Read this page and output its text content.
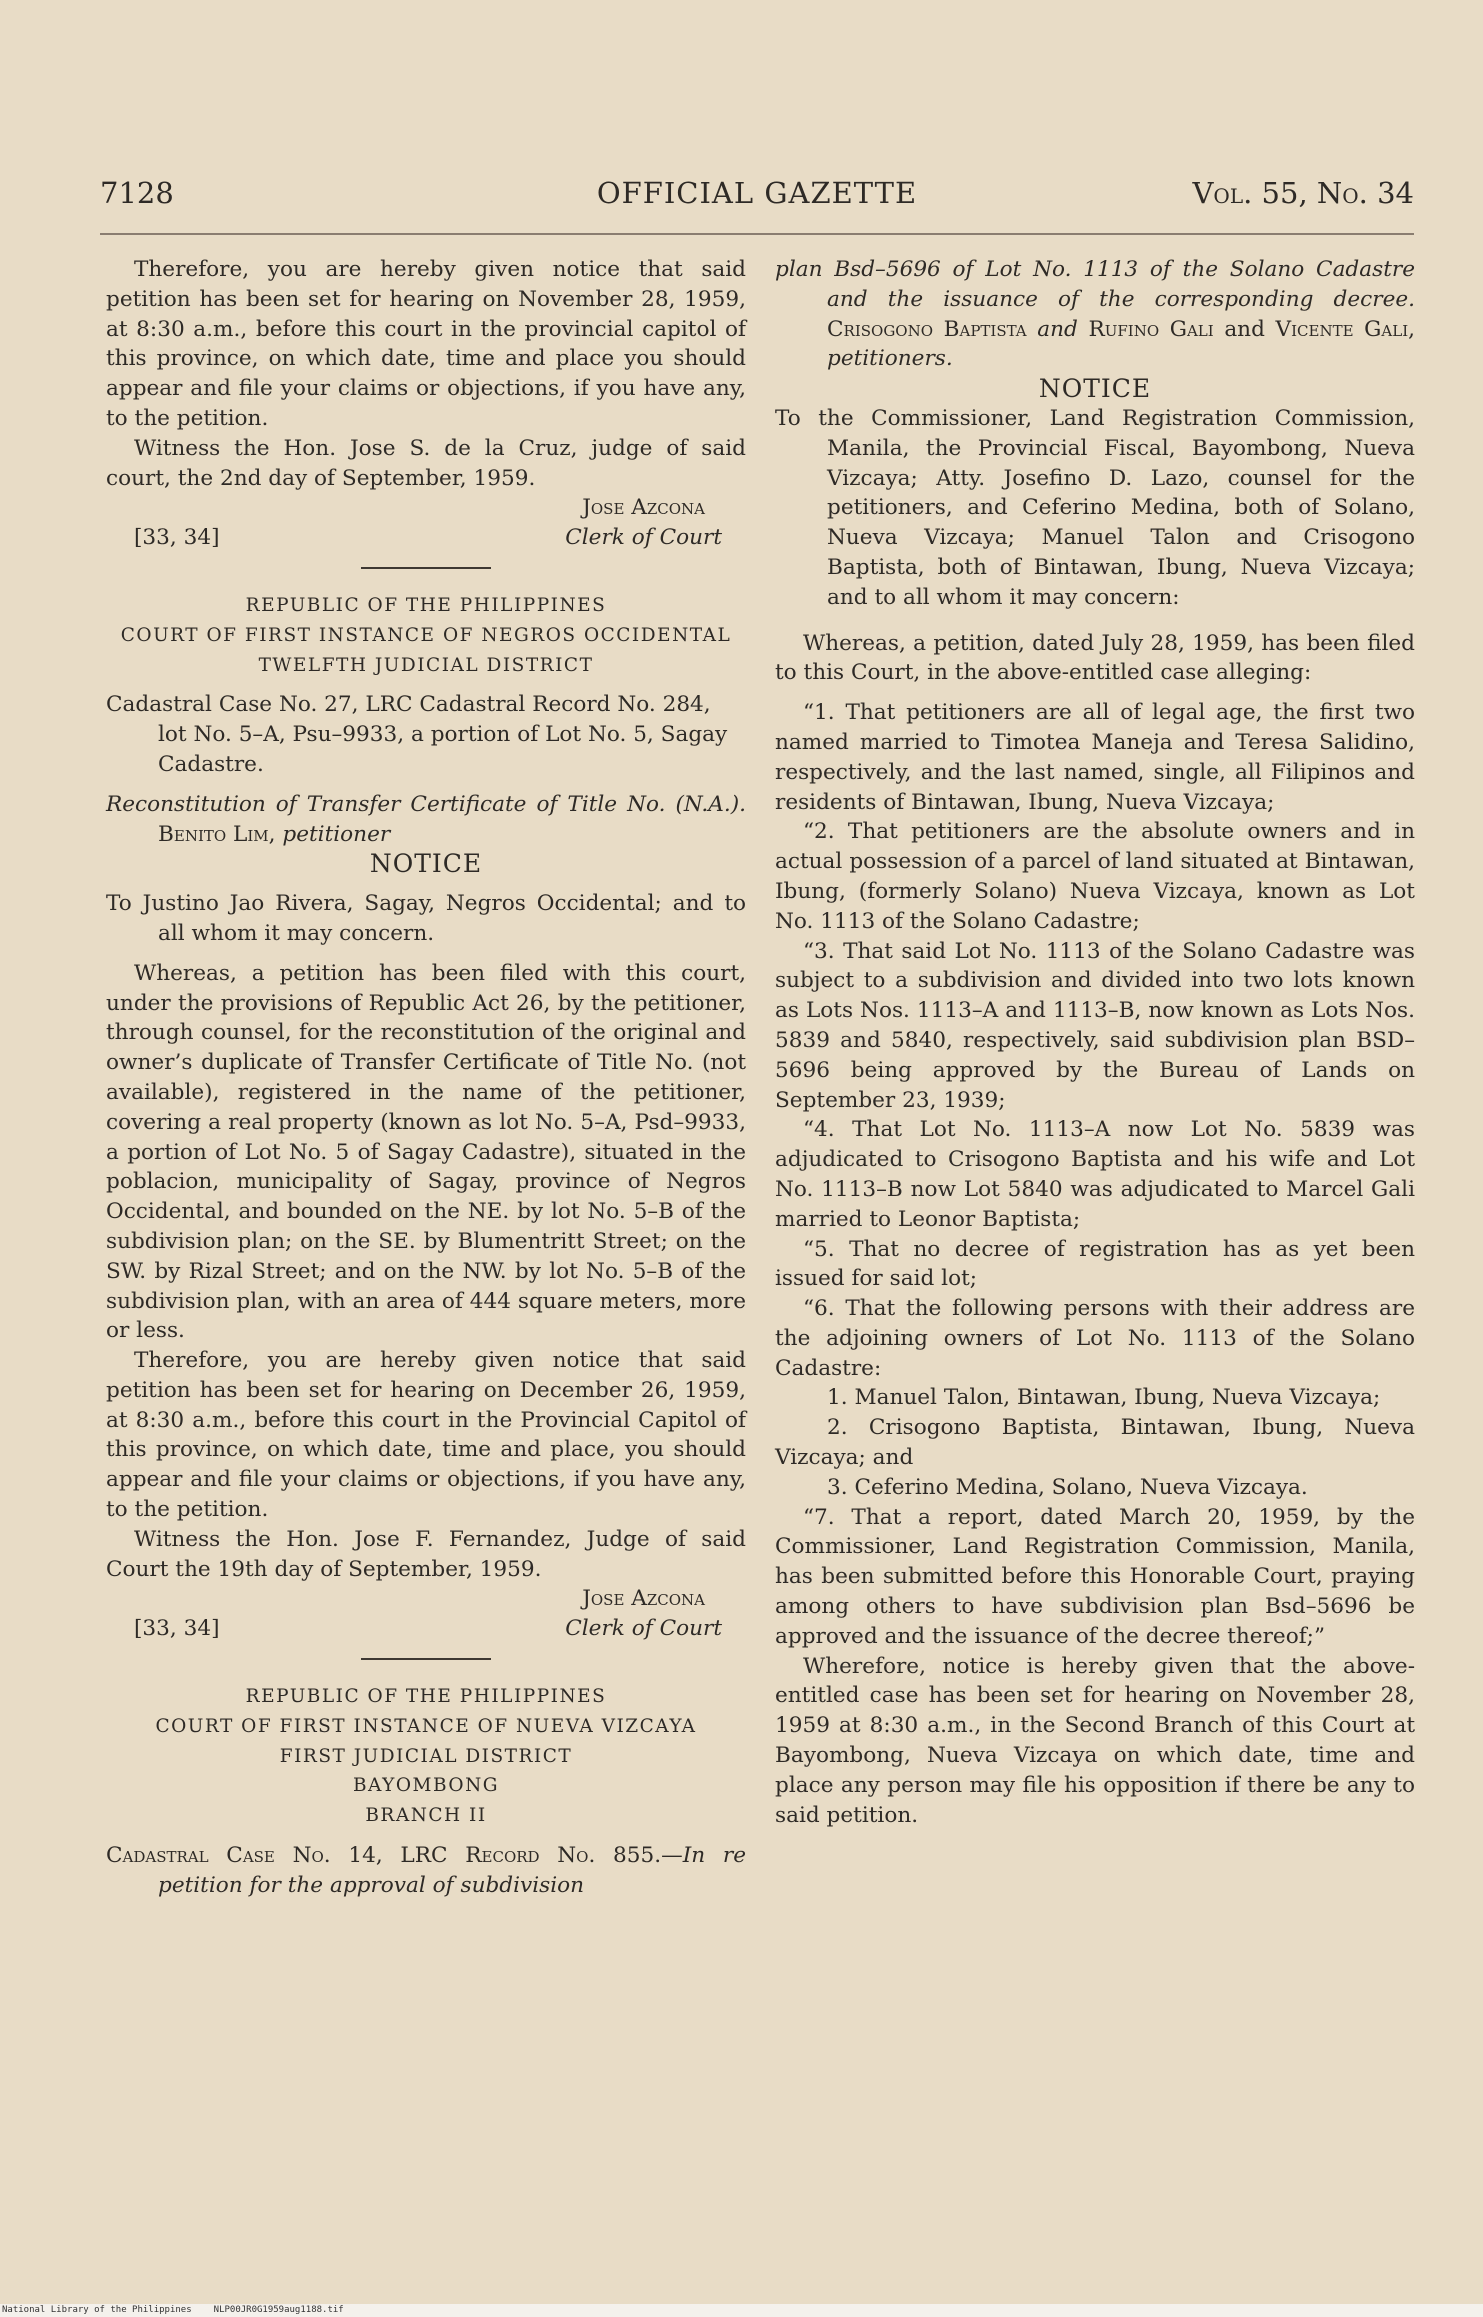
7128	OFFICIAL GAZETTE	Vol. 55, No. 34

Therefore, you are hereby given notice that said petition has been set for hearing on November 28, 1959, at 8:30 a.m., before this court in the provincial capitol of this province, on which date, time and place you should appear and file your claims or objections, if you have any, to the petition.

Witness the Hon. Jose S. de la Cruz, judge of said court, the 2nd day of September, 1959.

[33, 34]
Jose Azcona
Clerk of Court

REPUBLIC OF THE PHILIPPINES

COURT OF FIRST INSTANCE OF NEGROS OCCIDENTAL

TWELFTH JUDICIAL DISTRICT

Cadastral Case No. 27, LRC Cadastral Record No. 284, lot No. 5–A, Psu–9933, a portion of Lot No. 5, Sagay Cadastre.

Reconstitution of Transfer Certificate of Title No. (N.A.). Benito Lim, petitioner

NOTICE

To Justino Jao Rivera, Sagay, Negros Occidental; and to all whom it may concern.

Whereas, a petition has been filed with this court, under the provisions of Republic Act 26, by the petitioner, through counsel, for the reconstitution of the original and owner’s duplicate of Transfer Certificate of Title No. (not available), registered in the name of the petitioner, covering a real property (known as lot No. 5–A, Psd–9933, a portion of Lot No. 5 of Sagay Cadastre), situated in the poblacion, municipality of Sagay, province of Negros Occidental, and bounded on the NE. by lot No. 5–B of the subdivision plan; on the SE. by Blumentritt Street; on the SW. by Rizal Street; and on the NW. by lot No. 5–B of the subdivision plan, with an area of 444 square meters, more or less.

Therefore, you are hereby given notice that said petition has been set for hearing on December 26, 1959, at 8:30 a.m., before this court in the Provincial Capitol of this province, on which date, time and place, you should appear and file your claims or objections, if you have any, to the petition.

Witness the Hon. Jose F. Fernandez, Judge of said Court the 19th day of September, 1959.

[33, 34]
Jose Azcona
Clerk of Court

REPUBLIC OF THE PHILIPPINES

COURT OF FIRST INSTANCE OF NUEVA VIZCAYA

FIRST JUDICIAL DISTRICT

BAYOMBONG

BRANCH II

Cadastral Case No. 14, LRC Record No. 855.—In re petition for the approval of subdivision

plan Bsd–5696 of Lot No. 1113 of the Solano Cadastre and the issuance of the corresponding decree. Crisogono Baptista and Rufino Gali and Vicente Gali, petitioners.

NOTICE

To the Commissioner, Land Registration Commission, Manila, the Provincial Fiscal, Bayombong, Nueva Vizcaya; Atty. Josefino D. Lazo, counsel for the petitioners, and Ceferino Medina, both of Solano, Nueva Vizcaya; Manuel Talon and Crisogono Baptista, both of Bintawan, Ibung, Nueva Vizcaya; and to all whom it may concern:

Whereas, a petition, dated July 28, 1959, has been filed to this Court, in the above-entitled case alleging:

“1. That petitioners are all of legal age, the first two named married to Timotea Maneja and Teresa Salidino, respectively, and the last named, single, all Filipinos and residents of Bintawan, Ibung, Nueva Vizcaya;

“2. That petitioners are the absolute owners and in actual possession of a parcel of land situated at Bintawan, Ibung, (formerly Solano) Nueva Vizcaya, known as Lot No. 1113 of the Solano Cadastre;

“3. That said Lot No. 1113 of the Solano Cadastre was subject to a subdivision and divided into two lots known as Lots Nos. 1113–A and 1113–B, now known as Lots Nos. 5839 and 5840, respectively, said subdivision plan BSD–5696 being approved by the Bureau of Lands on September 23, 1939;

“4. That Lot No. 1113–A now Lot No. 5839 was adjudicated to Crisogono Baptista and his wife and Lot No. 1113–B now Lot 5840 was adjudicated to Marcel Gali married to Leonor Baptista;

“5. That no decree of registration has as yet been issued for said lot;

“6. That the following persons with their address are the adjoining owners of Lot No. 1113 of the Solano Cadastre:

1. Manuel Talon, Bintawan, Ibung, Nueva Vizcaya;

2. Crisogono Baptista, Bintawan, Ibung, Nueva Vizcaya; and

3. Ceferino Medina, Solano, Nueva Vizcaya.

“7. That a report, dated March 20, 1959, by the Commissioner, Land Registration Commission, Manila, has been submitted before this Honorable Court, praying among others to have subdivision plan Bsd–5696 be approved and the issuance of the decree thereof;”

Wherefore, notice is hereby given that the above-entitled case has been set for hearing on November 28, 1959 at 8:30 a.m., in the Second Branch of this Court at Bayombong, Nueva Vizcaya on which date, time and place any person may file his opposition if there be any to said petition.

National Library of the Philippines NLP00JR0G1959aug1188.tif
